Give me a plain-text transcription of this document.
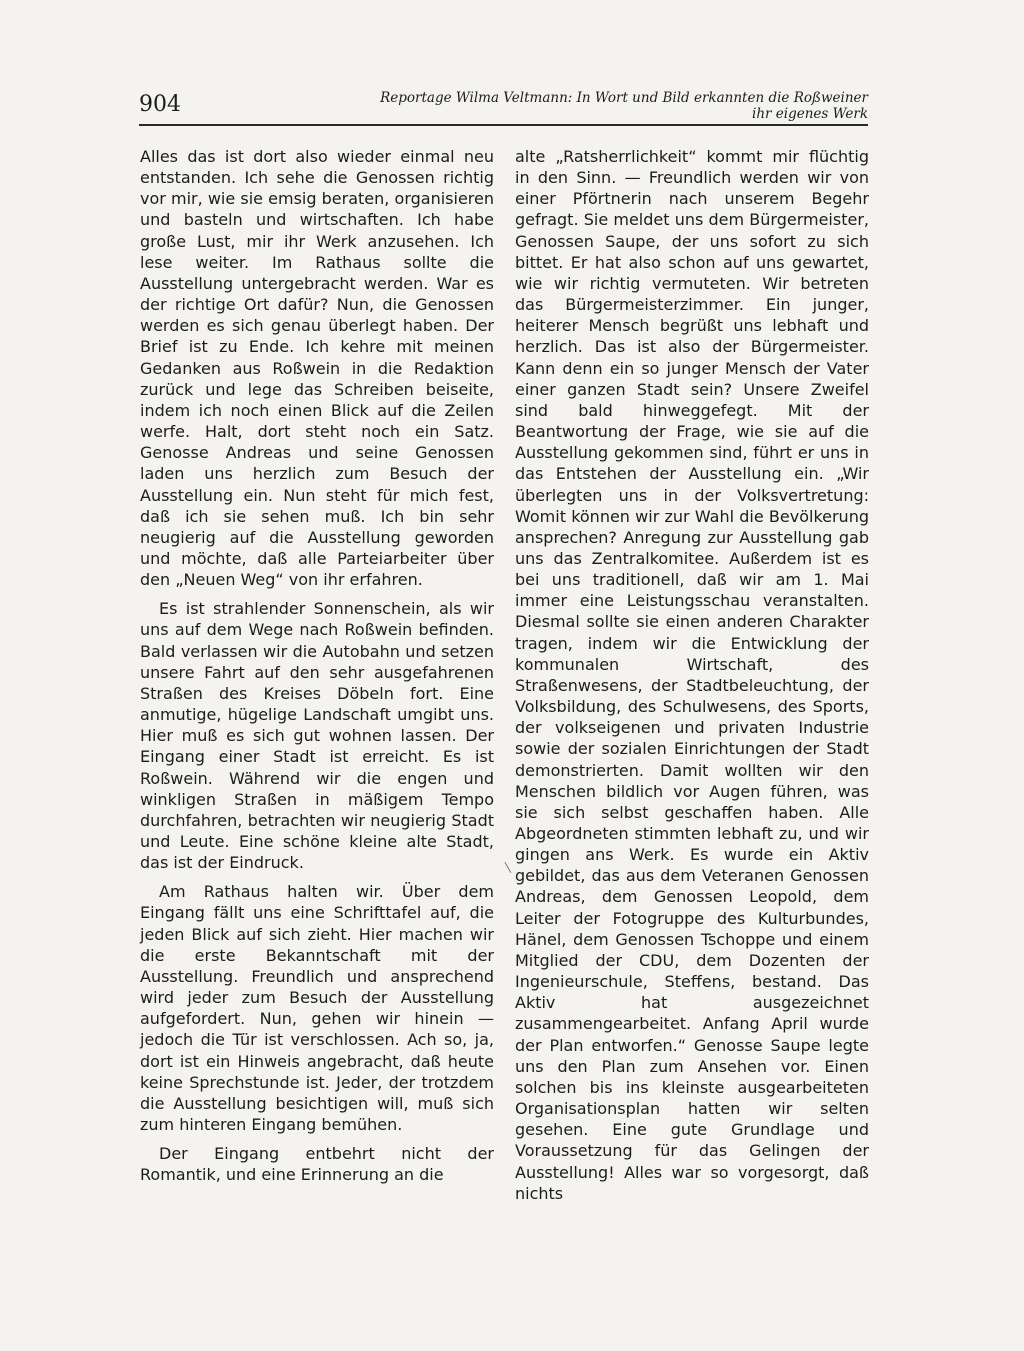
904	Reportage Wilma Veltmann: In Wort und Bild erkannten die Roßweiner
ihr eigenes Werk

Alles das ist dort also wieder einmal neu entstanden. Ich sehe die Genossen richtig vor mir, wie sie emsig beraten, organisieren und basteln und wirtschaften. Ich habe große Lust, mir ihr Werk anzusehen. Ich lese weiter. Im Rathaus sollte die Ausstellung untergebracht werden. War es der richtige Ort dafür? Nun, die Genossen werden es sich genau überlegt haben. Der Brief ist zu Ende. Ich kehre mit meinen Gedanken aus Roßwein in die Redaktion zurück und lege das Schreiben beiseite, indem ich noch einen Blick auf die Zeilen werfe. Halt, dort steht noch ein Satz. Genosse Andreas und seine Genossen laden uns herzlich zum Besuch der Ausstellung ein. Nun steht für mich fest, daß ich sie sehen muß. Ich bin sehr neugierig auf die Ausstellung geworden und möchte, daß alle Parteiarbeiter über den „Neuen Weg“ von ihr erfahren.

Es ist strahlender Sonnenschein, als wir uns auf dem Wege nach Roßwein befinden. Bald verlassen wir die Autobahn und setzen unsere Fahrt auf den sehr ausgefahrenen Straßen des Kreises Döbeln fort. Eine anmutige, hügelige Landschaft umgibt uns. Hier muß es sich gut wohnen lassen. Der Eingang einer Stadt ist erreicht. Es ist Roßwein. Während wir die engen und winkligen Straßen in mäßigem Tempo durchfahren, betrachten wir neugierig Stadt und Leute. Eine schöne kleine alte Stadt, das ist der Eindruck.

Am Rathaus halten wir. Über dem Eingang fällt uns eine Schrifttafel auf, die jeden Blick auf sich zieht. Hier machen wir die erste Bekanntschaft mit der Ausstellung. Freundlich und ansprechend wird jeder zum Besuch der Ausstellung aufgefordert. Nun, gehen wir hinein — jedoch die Tür ist verschlossen. Ach so, ja, dort ist ein Hinweis angebracht, daß heute keine Sprechstunde ist. Jeder, der trotzdem die Ausstellung besichtigen will, muß sich zum hinteren Eingang bemühen.

Der Eingang entbehrt nicht der Romantik, und eine Erinnerung an die

alte „Ratsherrlichkeit“ kommt mir flüchtig in den Sinn. — Freundlich werden wir von einer Pförtnerin nach unserem Begehr gefragt. Sie meldet uns dem Bürgermeister, Genossen Saupe, der uns sofort zu sich bittet. Er hat also schon auf uns gewartet, wie wir richtig vermuteten. Wir betreten das Bürgermeisterzimmer. Ein junger, heiterer Mensch begrüßt uns lebhaft und herzlich. Das ist also der Bürgermeister. Kann denn ein so junger Mensch der Vater einer ganzen Stadt sein? Unsere Zweifel sind bald hinweggefegt. Mit der Beantwortung der Frage, wie sie auf die Ausstellung gekommen sind, führt er uns in das Entstehen der Ausstellung ein. „Wir überlegten uns in der Volksvertretung: Womit können wir zur Wahl die Bevölkerung ansprechen? Anregung zur Ausstellung gab uns das Zentralkomitee. Außerdem ist es bei uns traditionell, daß wir am 1. Mai immer eine Leistungsschau veranstalten. Diesmal sollte sie einen anderen Charakter tragen, indem wir die Entwicklung der kommunalen Wirtschaft, des Straßenwesens, der Stadtbeleuchtung, der Volksbildung, des Schulwesens, des Sports, der volkseigenen und privaten Industrie sowie der sozialen Einrichtungen der Stadt demonstrierten. Damit wollten wir den Menschen bildlich vor Augen führen, was sie sich selbst geschaffen haben. Alle Abgeordneten stimmten lebhaft zu, und wir gingen ans Werk. Es wurde ein Aktiv gebildet, das aus dem Veteranen Genossen Andreas, dem Genossen Leopold, dem Leiter der Fotogruppe des Kulturbundes, Hänel, dem Genossen Tschoppe und einem Mitglied der CDU, dem Dozenten der Ingenieurschule, Steffens, bestand. Das Aktiv hat ausgezeichnet zusammengearbeitet. Anfang April wurde der Plan entworfen.“ Genosse Saupe legte uns den Plan zum Ansehen vor. Einen solchen bis ins kleinste ausgearbeiteten Organisationsplan hatten wir selten gesehen. Eine gute Grundlage und Voraussetzung für das Gelingen der Ausstellung! Alles war so vorgesorgt, daß nichts
